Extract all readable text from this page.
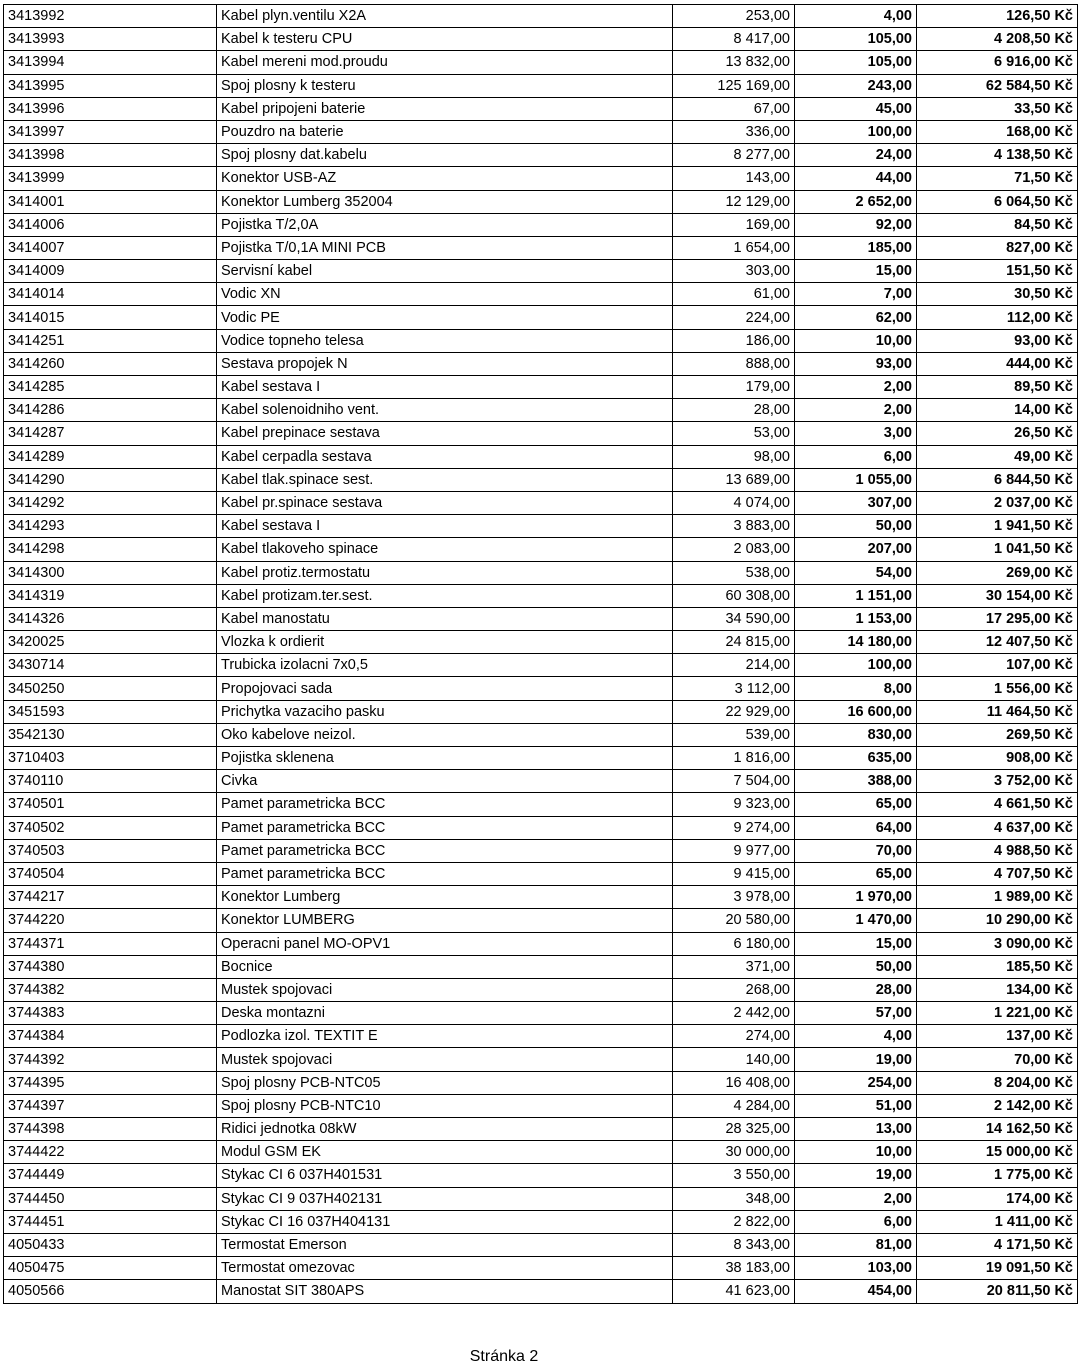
3413992	Kabel plyn.ventilu X2A	253,00	4,00	126,50 Kč
3413993	Kabel k testeru CPU	8 417,00	105,00	4 208,50 Kč
3413994	Kabel mereni mod.proudu	13 832,00	105,00	6 916,00 Kč
3413995	Spoj plosny k testeru	125 169,00	243,00	62 584,50 Kč
3413996	Kabel pripojeni baterie	67,00	45,00	33,50 Kč
3413997	Pouzdro na baterie	336,00	100,00	168,00 Kč
3413998	Spoj plosny dat.kabelu	8 277,00	24,00	4 138,50 Kč
3413999	Konektor USB-AZ	143,00	44,00	71,50 Kč
3414001	Konektor Lumberg 352004	12 129,00	2 652,00	6 064,50 Kč
3414006	Pojistka T/2,0A	169,00	92,00	84,50 Kč
3414007	Pojistka T/0,1A MINI PCB	1 654,00	185,00	827,00 Kč
3414009	Servisní kabel	303,00	15,00	151,50 Kč
3414014	Vodic XN	61,00	7,00	30,50 Kč
3414015	Vodic PE	224,00	62,00	112,00 Kč
3414251	Vodice topneho telesa	186,00	10,00	93,00 Kč
3414260	Sestava propojek N	888,00	93,00	444,00 Kč
3414285	Kabel sestava I	179,00	2,00	89,50 Kč
3414286	Kabel solenoidniho vent.	28,00	2,00	14,00 Kč
3414287	Kabel prepinace sestava	53,00	3,00	26,50 Kč
3414289	Kabel cerpadla sestava	98,00	6,00	49,00 Kč
3414290	Kabel tlak.spinace sest.	13 689,00	1 055,00	6 844,50 Kč
3414292	Kabel pr.spinace sestava	4 074,00	307,00	2 037,00 Kč
3414293	Kabel sestava I	3 883,00	50,00	1 941,50 Kč
3414298	Kabel tlakoveho spinace	2 083,00	207,00	1 041,50 Kč
3414300	Kabel protiz.termostatu	538,00	54,00	269,00 Kč
3414319	Kabel protizam.ter.sest.	60 308,00	1 151,00	30 154,00 Kč
3414326	Kabel manostatu	34 590,00	1 153,00	17 295,00 Kč
3420025	Vlozka k ordierit	24 815,00	14 180,00	12 407,50 Kč
3430714	Trubicka izolacni 7x0,5	214,00	100,00	107,00 Kč
3450250	Propojovaci sada	3 112,00	8,00	1 556,00 Kč
3451593	Prichytka vazaciho pasku	22 929,00	16 600,00	11 464,50 Kč
3542130	Oko kabelove neizol.	539,00	830,00	269,50 Kč
3710403	Pojistka sklenena	1 816,00	635,00	908,00 Kč
3740110	Civka	7 504,00	388,00	3 752,00 Kč
3740501	Pamet parametricka BCC	9 323,00	65,00	4 661,50 Kč
3740502	Pamet parametricka BCC	9 274,00	64,00	4 637,00 Kč
3740503	Pamet parametricka BCC	9 977,00	70,00	4 988,50 Kč
3740504	Pamet parametricka BCC	9 415,00	65,00	4 707,50 Kč
3744217	Konektor Lumberg	3 978,00	1 970,00	1 989,00 Kč
3744220	Konektor LUMBERG	20 580,00	1 470,00	10 290,00 Kč
3744371	Operacni panel MO-OPV1	6 180,00	15,00	3 090,00 Kč
3744380	Bocnice	371,00	50,00	185,50 Kč
3744382	Mustek spojovaci	268,00	28,00	134,00 Kč
3744383	Deska montazni	2 442,00	57,00	1 221,00 Kč
3744384	Podlozka izol. TEXTIT E	274,00	4,00	137,00 Kč
3744392	Mustek spojovaci	140,00	19,00	70,00 Kč
3744395	Spoj plosny PCB-NTC05	16 408,00	254,00	8 204,00 Kč
3744397	Spoj plosny PCB-NTC10	4 284,00	51,00	2 142,00 Kč
3744398	Ridici jednotka 08kW	28 325,00	13,00	14 162,50 Kč
3744422	Modul GSM EK	30 000,00	10,00	15 000,00 Kč
3744449	Stykac CI 6 037H401531	3 550,00	19,00	1 775,00 Kč
3744450	Stykac CI 9 037H402131	348,00	2,00	174,00 Kč
3744451	Stykac CI 16 037H404131	2 822,00	6,00	1 411,00 Kč
4050433	Termostat Emerson	8 343,00	81,00	4 171,50 Kč
4050475	Termostat omezovac	38 183,00	103,00	19 091,50 Kč
4050566	Manostat SIT 380APS	41 623,00	454,00	20 811,50 Kč
Stránka 2
